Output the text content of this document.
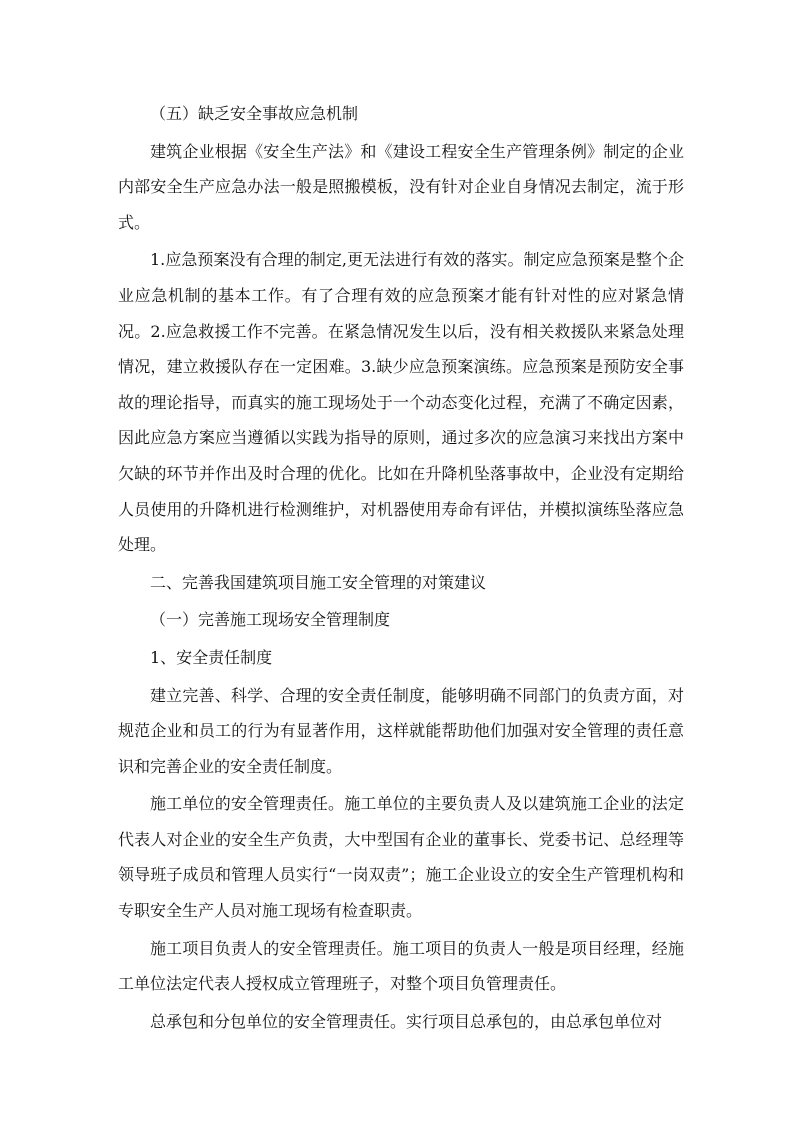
（五）缺乏安全事故应急机制

建筑企业根据《安全生产法》和《建设工程安全生产管理条例》制定的企业内部安全生产应急办法一般是照搬模板，没有针对企业自身情况去制定，流于形式。

1.应急预案没有合理的制定,更无法进行有效的落实。制定应急预案是整个企业应急机制的基本工作。有了合理有效的应急预案才能有针对性的应对紧急情况。2.应急救援工作不完善。在紧急情况发生以后，没有相关救援队来紧急处理情况，建立救援队存在一定困难。3.缺少应急预案演练。应急预案是预防安全事故的理论指导，而真实的施工现场处于一个动态变化过程，充满了不确定因素，因此应急方案应当遵循以实践为指导的原则，通过多次的应急演习来找出方案中欠缺的环节并作出及时合理的优化。比如在升降机坠落事故中，企业没有定期给人员使用的升降机进行检测维护，对机器使用寿命有评估，并模拟演练坠落应急处理。

二、完善我国建筑项目施工安全管理的对策建议

（一）完善施工现场安全管理制度

1、安全责任制度

建立完善、科学、合理的安全责任制度，能够明确不同部门的负责方面，对规范企业和员工的行为有显著作用，这样就能帮助他们加强对安全管理的责任意识和完善企业的安全责任制度。

施工单位的安全管理责任。施工单位的主要负责人及以建筑施工企业的法定代表人对企业的安全生产负责，大中型国有企业的董事长、党委书记、总经理等领导班子成员和管理人员实行“一岗双责”；施工企业设立的安全生产管理机构和专职安全生产人员对施工现场有检查职责。

施工项目负责人的安全管理责任。施工项目的负责人一般是项目经理，经施工单位法定代表人授权成立管理班子，对整个项目负管理责任。

总承包和分包单位的安全管理责任。实行项目总承包的，由总承包单位对
